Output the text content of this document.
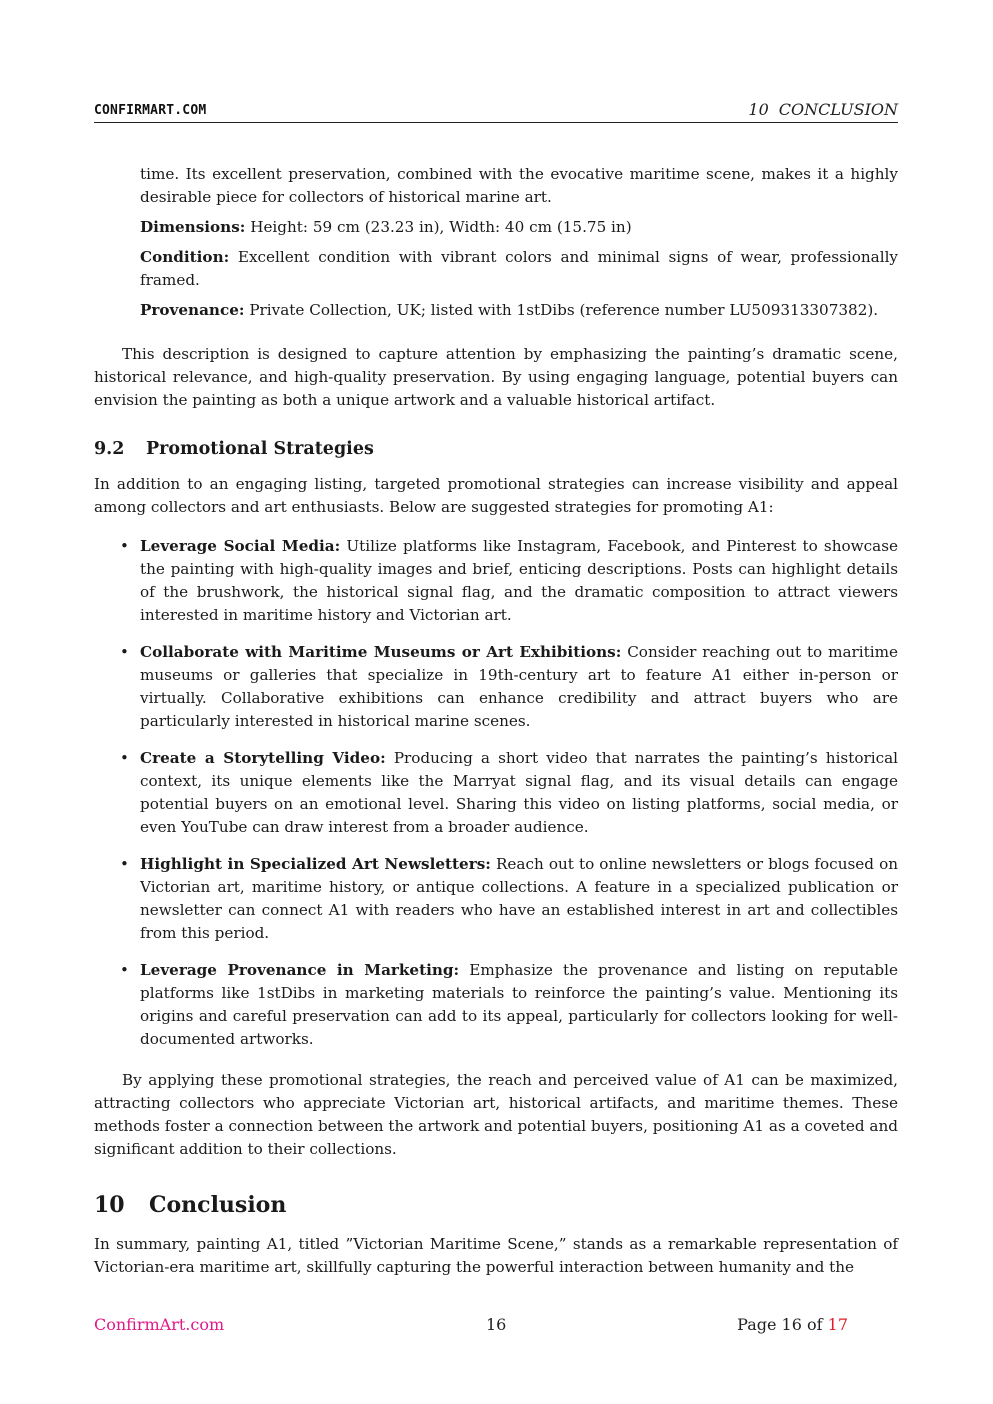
CONFIRMART.COM	10 CONCLUSION

time. Its excellent preservation, combined with the evocative maritime scene, makes it a highly desirable piece for collectors of historical marine art.

Dimensions: Height: 59 cm (23.23 in), Width: 40 cm (15.75 in)

Condition: Excellent condition with vibrant colors and minimal signs of wear, professionally framed.

Provenance: Private Collection, UK; listed with 1stDibs (reference number LU509313307382).

This description is designed to capture attention by emphasizing the painting’s dramatic scene, historical relevance, and high-quality preservation. By using engaging language, potential buyers can envision the painting as both a unique artwork and a valuable historical artifact.

9.2 Promotional Strategies

In addition to an engaging listing, targeted promotional strategies can increase visibility and appeal among collectors and art enthusiasts. Below are suggested strategies for promoting A1:

• Leverage Social Media: Utilize platforms like Instagram, Facebook, and Pinterest to showcase the painting with high-quality images and brief, enticing descriptions. Posts can highlight details of the brushwork, the historical signal flag, and the dramatic composition to attract viewers interested in maritime history and Victorian art.
• Collaborate with Maritime Museums or Art Exhibitions: Consider reaching out to maritime museums or galleries that specialize in 19th-century art to feature A1 either in-person or virtually. Collaborative exhibitions can enhance credibility and attract buyers who are particularly interested in historical marine scenes.
• Create a Storytelling Video: Producing a short video that narrates the painting’s historical context, its unique elements like the Marryat signal flag, and its visual details can engage potential buyers on an emotional level. Sharing this video on listing platforms, social media, or even YouTube can draw interest from a broader audience.
• Highlight in Specialized Art Newsletters: Reach out to online newsletters or blogs focused on Victorian art, maritime history, or antique collections. A feature in a specialized publication or newsletter can connect A1 with readers who have an established interest in art and collectibles from this period.
• Leverage Provenance in Marketing: Emphasize the provenance and listing on reputable platforms like 1stDibs in marketing materials to reinforce the painting’s value. Mentioning its origins and careful preservation can add to its appeal, particularly for collectors looking for well-documented artworks.

By applying these promotional strategies, the reach and perceived value of A1 can be maximized, attracting collectors who appreciate Victorian art, historical artifacts, and maritime themes. These methods foster a connection between the artwork and potential buyers, positioning A1 as a coveted and significant addition to their collections.

10 Conclusion

In summary, painting A1, titled ”Victorian Maritime Scene,” stands as a remarkable representation of Victorian-era maritime art, skillfully capturing the powerful interaction between humanity and the

ConfirmArt.com	16	Page 16 of 17
